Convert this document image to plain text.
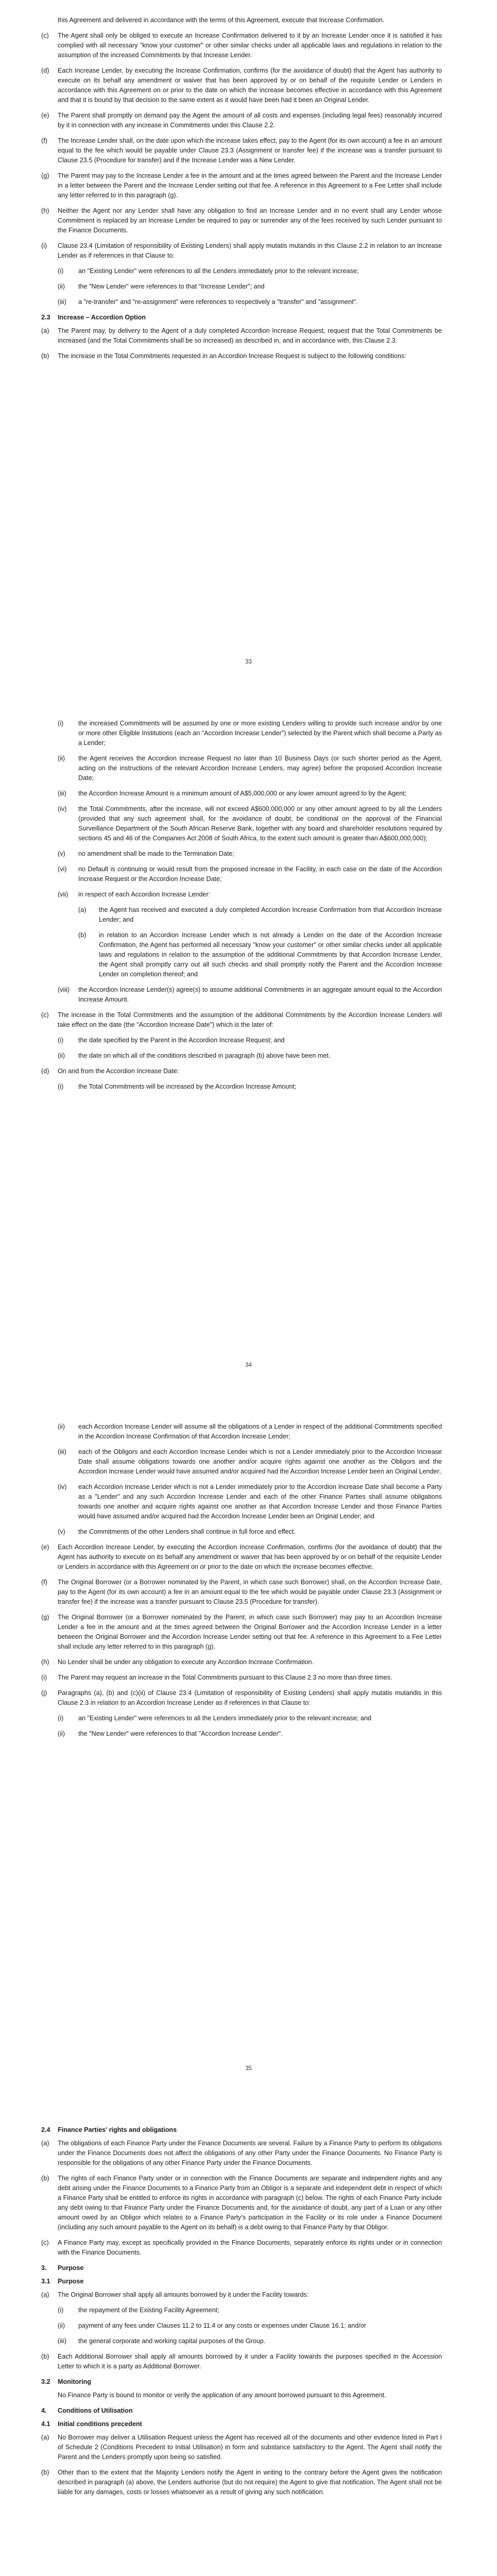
this Agreement and delivered in accordance with the terms of this Agreement, execute that Increase Confirmation.
(c)	The Agent shall only be obliged to execute an Increase Confirmation delivered to it by an Increase Lender once it is satisfied it has complied with all necessary "know your customer" or other similar checks under all applicable laws and regulations in relation to the assumption of the increased Commitments by that Increase Lender.
(d)	Each Increase Lender, by executing the Increase Confirmation, confirms (for the avoidance of doubt) that the Agent has authority to execute on its behalf any amendment or waiver that has been approved by or on behalf of the requisite Lender or Lenders in accordance with this Agreement on or prior to the date on which the increase becomes effective in accordance with this Agreement and that it is bound by that decision to the same extent as it would have been had it been an Original Lender.
(e)	The Parent shall promptly on demand pay the Agent the amount of all costs and expenses (including legal fees) reasonably incurred by it in connection with any increase in Commitments under this Clause 2.2.
(f)	The Increase Lender shall, on the date upon which the increase takes effect, pay to the Agent (for its own account) a fee in an amount equal to the fee which would be payable under Clause 23.3 (Assignment or transfer fee) if the increase was a transfer pursuant to Clause 23.5 (Procedure for transfer) and if the Increase Lender was a New Lender.
(g)	The Parent may pay to the Increase Lender a fee in the amount and at the times agreed between the Parent and the Increase Lender in a letter between the Parent and the Increase Lender setting out that fee. A reference in this Agreement to a Fee Letter shall include any letter referred to in this paragraph (g).
(h)	Neither the Agent nor any Lender shall have any obligation to find an Increase Lender and in no event shall any Lender whose Commitment is replaced by an Increase Lender be required to pay or surrender any of the fees received by such Lender pursuant to the Finance Documents.
(i)	Clause 23.4 (Limitation of responsibility of Existing Lenders) shall apply mutatis mutandis in this Clause 2.2 in relation to an Increase Lender as if references in that Clause to:
(i)	an "Existing Lender" were references to all the Lenders immediately prior to the relevant increase;
(ii)	the "New Lender" were references to that "Increase Lender"; and
(iii)	a "re-transfer" and "re-assignment" were references to respectively a "transfer" and "assignment".
2.3	Increase – Accordion Option
(a)	The Parent may, by delivery to the Agent of a duly completed Accordion Increase Request, request that the Total Commitments be increased (and the Total Commitments shall be so increased) as described in, and in accordance with, this Clause 2.3.
(b)	The increase in the Total Commitments requested in an Accordion Increase Request is subject to the following conditions:
33
(i)	the increased Commitments will be assumed by one or more existing Lenders willing to provide such increase and/or by one or more other Eligible Institutions (each an "Accordion Increase Lender") selected by the Parent which shall become a Party as a Lender;
(ii)	the Agent receives the Accordion Increase Request no later than 10 Business Days (or such shorter period as the Agent, acting on the instructions of the relevant Accordion Increase Lenders, may agree) before the proposed Accordion Increase Date;
(iii)	the Accordion Increase Amount is a minimum amount of A$5,000,000 or any lower amount agreed to by the Agent;
(iv)	the Total Commitments, after the increase, will not exceed A$600,000,000 or any other amount agreed to by all the Lenders (provided that any such agreement shall, for the avoidance of doubt, be conditional on the approval of the Financial Surveillance Department of the South African Reserve Bank, together with any board and shareholder resolutions required by sections 45 and 46 of the Companies Act 2008 of South Africa, to the extent such amount is greater than A$600,000,000);
(v)	no amendment shall be made to the Termination Date;
(vi)	no Default is continuing or would result from the proposed increase in the Facility, in each case on the date of the Accordion Increase Request or the Accordion Increase Date;
(vii)	in respect of each Accordion Increase Lender:
(a)	the Agent has received and executed a duly completed Accordion Increase Confirmation from that Accordion Increase Lender; and
(b)	in relation to an Accordion Increase Lender which is not already a Lender on the date of the Accordion Increase Confirmation, the Agent has performed all necessary "know your customer" or other similar checks under all applicable laws and regulations in relation to the assumption of the additional Commitments by that Accordion Increase Lender, the Agent shall promptly carry out all such checks and shall promptly notify the Parent and the Accordion Increase Lender on completion thereof; and
(viii)	the Accordion Increase Lender(s) agree(s) to assume additional Commitments in an aggregate amount equal to the Accordion Increase Amount.
(c)	The increase in the Total Commitments and the assumption of the additional Commitments by the Accordion Increase Lenders will take effect on the date (the "Accordion Increase Date") which is the later of:
(i)	the date specified by the Parent in the Accordion Increase Request; and
(ii)	the date on which all of the conditions described in paragraph (b) above have been met.
(d)	On and from the Accordion Increase Date:
(i)	the Total Commitments will be increased by the Accordion Increase Amount;
34
(ii)	each Accordion Increase Lender will assume all the obligations of a Lender in respect of the additional Commitments specified in the Accordion Increase Confirmation of that Accordion Increase Lender;
(iii)	each of the Obligors and each Accordion Increase Lender which is not a Lender immediately prior to the Accordion Increase Date shall assume obligations towards one another and/or acquire rights against one another as the Obligors and the Accordion Increase Lender would have assumed and/or acquired had the Accordion Increase Lender been an Original Lender;
(iv)	each Accordion Increase Lender which is not a Lender immediately prior to the Accordion Increase Date shall become a Party as a "Lender" and any such Accordion Increase Lender and each of the other Finance Parties shall assume obligations towards one another and acquire rights against one another as that Accordion Increase Lender and those Finance Parties would have assumed and/or acquired had the Accordion Increase Lender been an Original Lender; and
(v)	the Commitments of the other Lenders shall continue in full force and effect.
(e)	Each Accordion Increase Lender, by executing the Accordion Increase Confirmation, confirms (for the avoidance of doubt) that the Agent has authority to execute on its behalf any amendment or waiver that has been approved by or on behalf of the requisite Lender or Lenders in accordance with this Agreement on or prior to the date on which the increase becomes effective.
(f)	The Original Borrower (or a Borrower nominated by the Parent, in which case such Borrower) shall, on the Accordion Increase Date, pay to the Agent (for its own account) a fee in an amount equal to the fee which would be payable under Clause 23.3 (Assignment or transfer fee) if the increase was a transfer pursuant to Clause 23.5 (Procedure for transfer).
(g)	The Original Borrower (or a Borrower nominated by the Parent, in which case such Borrower) may pay to an Accordion Increase Lender a fee in the amount and at the times agreed between the Original Borrower and the Accordion Increase Lender in a letter between the Original Borrower and the Accordion Increase Lender setting out that fee. A reference in this Agreement to a Fee Letter shall include any letter referred to in this paragraph (g).
(h)	No Lender shall be under any obligation to execute any Accordion Increase Confirmation.
(i)	The Parent may request an increase in the Total Commitments pursuant to this Clause 2.3 no more than three times.
(j)	Paragraphs (a), (b) and (c)(ii) of Clause 23.4 (Limitation of responsibility of Existing Lenders) shall apply mutatis mutandis in this Clause 2.3 in relation to an Accordion Increase Lender as if references in that Clause to:
(i)	an "Existing Lender" were references to all the Lenders immediately prior to the relevant increase; and
(ii)	the "New Lender" were references to that "Accordion Increase Lender".
35
2.4	Finance Parties' rights and obligations
(a)	The obligations of each Finance Party under the Finance Documents are several. Failure by a Finance Party to perform its obligations under the Finance Documents does not affect the obligations of any other Party under the Finance Documents. No Finance Party is responsible for the obligations of any other Finance Party under the Finance Documents.
(b)	The rights of each Finance Party under or in connection with the Finance Documents are separate and independent rights and any debt arising under the Finance Documents to a Finance Party from an Obligor is a separate and independent debt in respect of which a Finance Party shall be entitled to enforce its rights in accordance with paragraph (c) below. The rights of each Finance Party include any debt owing to that Finance Party under the Finance Documents and, for the avoidance of doubt, any part of a Loan or any other amount owed by an Obligor which relates to a Finance Party's participation in the Facility or its role under a Finance Document (including any such amount payable to the Agent on its behalf) is a debt owing to that Finance Party by that Obligor.
(c)	A Finance Party may, except as specifically provided in the Finance Documents, separately enforce its rights under or in connection with the Finance Documents.
3.	Purpose
3.1	Purpose
(a)	The Original Borrower shall apply all amounts borrowed by it under the Facility towards:
(i)	the repayment of the Existing Facility Agreement;
(ii)	payment of any fees under Clauses 11.2 to 11.4 or any costs or expenses under Clause 16.1; and/or
(iii)	the general corporate and working capital purposes of the Group.
(b)	Each Additional Borrower shall apply all amounts borrowed by it under a Facility towards the purposes specified in the Accession Letter to which it is a party as Additional Borrower.
3.2	Monitoring
No Finance Party is bound to monitor or verify the application of any amount borrowed pursuant to this Agreement.
4.	Conditions of Utilisation
4.1	Initial conditions precedent
(a)	No Borrower may deliver a Utilisation Request unless the Agent has received all of the documents and other evidence listed in Part I of Schedule 2 (Conditions Precedent to Initial Utilisation) in form and substance satisfactory to the Agent. The Agent shall notify the Parent and the Lenders promptly upon being so satisfied.
(b)	Other than to the extent that the Majority Lenders notify the Agent in writing to the contrary before the Agent gives the notification described in paragraph (a) above, the Lenders authorise (but do not require) the Agent to give that notification. The Agent shall not be liable for any damages, costs or losses whatsoever as a result of giving any such notification.
